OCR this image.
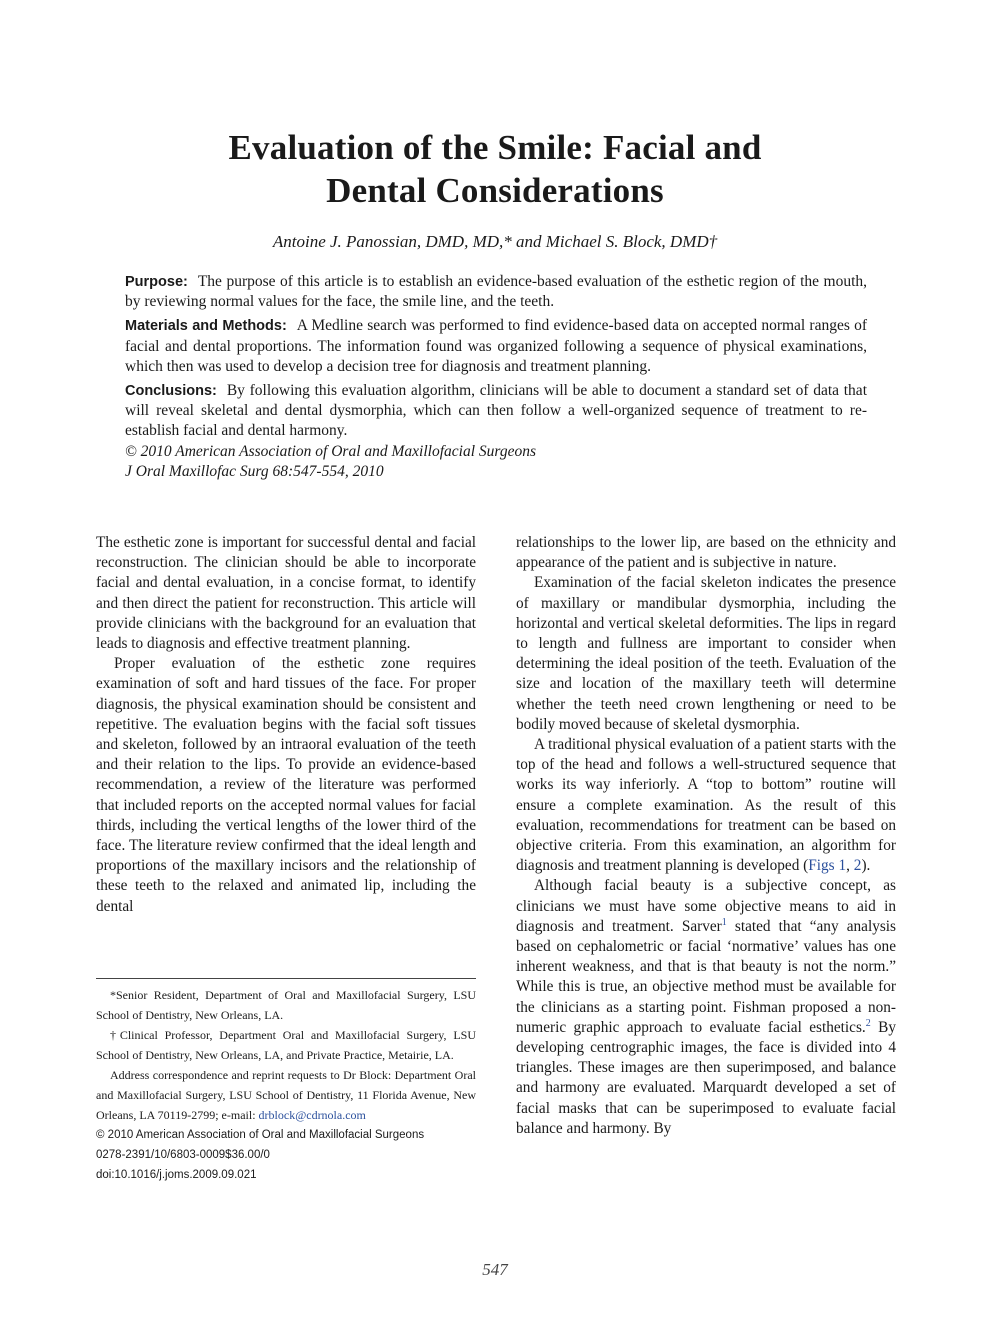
Evaluation of the Smile: Facial and
Dental Considerations
Antoine J. Panossian, DMD, MD,* and Michael S. Block, DMD†

Purpose: The purpose of this article is to establish an evidence-based evaluation of the esthetic region of the mouth, by reviewing normal values for the face, the smile line, and the teeth.

Materials and Methods: A Medline search was performed to find evidence-based data on accepted normal ranges of facial and dental proportions. The information found was organized following a sequence of physical examinations, which then was used to develop a decision tree for diagnosis and treatment planning.

Conclusions: By following this evaluation algorithm, clinicians will be able to document a standard set of data that will reveal skeletal and dental dysmorphia, which can then follow a well-organized sequence of treatment to re-establish facial and dental harmony.

© 2010 American Association of Oral and Maxillofacial Surgeons
J Oral Maxillofac Surg 68:547-554, 2010

The esthetic zone is important for successful dental and facial reconstruction. The clinician should be able to incorporate facial and dental evaluation, in a concise format, to identify and then direct the patient for reconstruction. This article will provide clinicians with the background for an evaluation that leads to diagnosis and effective treatment planning.

Proper evaluation of the esthetic zone requires examination of soft and hard tissues of the face. For proper diagnosis, the physical examination should be consistent and repetitive. The evaluation begins with the facial soft tissues and skeleton, followed by an intraoral evaluation of the teeth and their relation to the lips. To provide an evidence-based recommendation, a review of the literature was performed that included reports on the accepted normal values for facial thirds, including the vertical lengths of the lower third of the face. The literature review confirmed that the ideal length and proportions of the maxillary incisors and the relationship of these teeth to the relaxed and animated lip, including the dental

relationships to the lower lip, are based on the ethnicity and appearance of the patient and is subjective in nature.

Examination of the facial skeleton indicates the presence of maxillary or mandibular dysmorphia, including the horizontal and vertical skeletal deformities. The lips in regard to length and fullness are important to consider when determining the ideal position of the teeth. Evaluation of the size and location of the maxillary teeth will determine whether the teeth need crown lengthening or need to be bodily moved because of skeletal dysmorphia.

A traditional physical evaluation of a patient starts with the top of the head and follows a well-structured sequence that works its way inferiorly. A “top to bottom” routine will ensure a complete examination. As the result of this evaluation, recommendations for treatment can be based on objective criteria. From this examination, an algorithm for diagnosis and treatment planning is developed (Figs 1, 2).

Although facial beauty is a subjective concept, as clinicians we must have some objective means to aid in diagnosis and treatment. Sarver$^1$ stated that “any analysis based on cephalometric or facial ‘normative’ values has one inherent weakness, and that is that beauty is not the norm.” While this is true, an objective method must be available for the clinicians as a starting point. Fishman proposed a non-numeric graphic approach to evaluate facial esthetics.$^2$ By developing centrographic images, the face is divided into 4 triangles. These images are then superimposed, and balance and harmony are evaluated. Marquardt developed a set of facial masks that can be superimposed to evaluate facial balance and harmony. By

*Senior Resident, Department of Oral and Maxillofacial Surgery, LSU School of Dentistry, New Orleans, LA.

†Clinical Professor, Department Oral and Maxillofacial Surgery, LSU School of Dentistry, New Orleans, LA, and Private Practice, Metairie, LA.

Address correspondence and reprint requests to Dr Block: Department Oral and Maxillofacial Surgery, LSU School of Dentistry, 11 Florida Avenue, New Orleans, LA 70119-2799; e-mail: drblock@cdrnola.com

© 2010 American Association of Oral and Maxillofacial Surgeons

0278-2391/10/6803-0009$36.00/0

doi:10.1016/j.joms.2009.09.021

547
